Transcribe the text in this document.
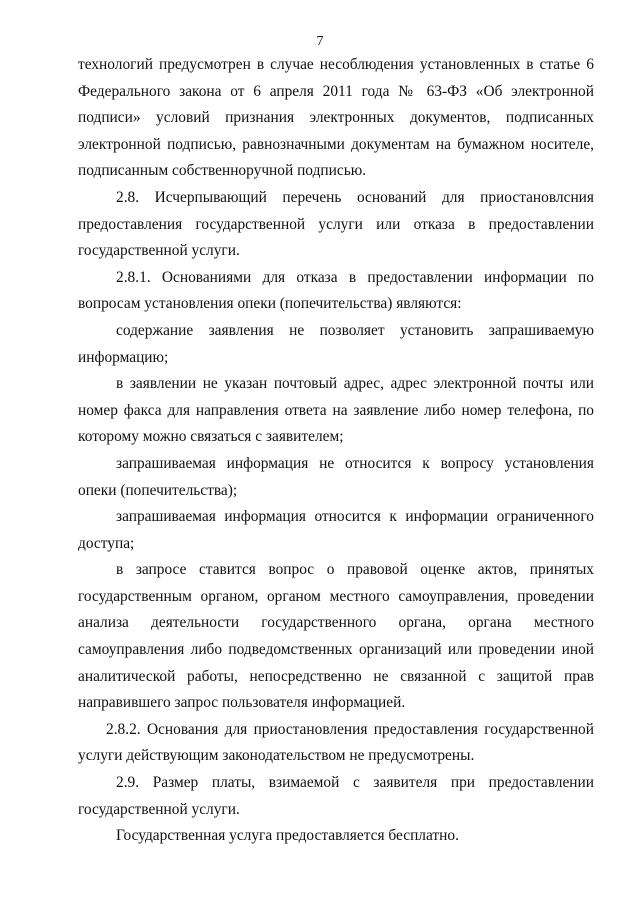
7

технологий предусмотрен в случае несоблюдения установленных в статье 6 Федерального закона от 6 апреля 2011 года № 63-ФЗ «Об электронной подписи» условий признания электронных документов, подписанных электронной подписью, равнозначными документам на бумажном носителе, подписанным собственноручной подписью.

2.8. Исчерпывающий перечень оснований для приостановлсния предоставления государственной услуги или отказа в предоставлении государственной услуги.

2.8.1. Основаниями для отказа в предоставлении информации по вопросам установления опеки (попечительства) являются:

содержание заявления не позволяет установить запрашиваемую информацию;

в заявлении не указан почтовый адрес, адрес электронной почты или номер факса для направления ответа на заявление либо номер телефона, по которому можно связаться с заявителем;

запрашиваемая информация не относится к вопросу установления опеки (попечительства);

запрашиваемая информация относится к информации ограниченного доступа;

в запросе ставится вопрос о правовой оценке актов, принятых государственным органом, органом местного самоуправления, проведении анализа деятельности государственного органа, органа местного самоуправления либо подведомственных организаций или проведении иной аналитической работы, непосредственно не связанной с защитой прав направившего запрос пользователя информацией.

2.8.2. Основания для приостановления предоставления государственной услуги действующим законодательством не предусмотрены.

2.9. Размер платы, взимаемой с заявителя при предоставлении государственной услуги.

Государственная услуга предоставляется бесплатно.
